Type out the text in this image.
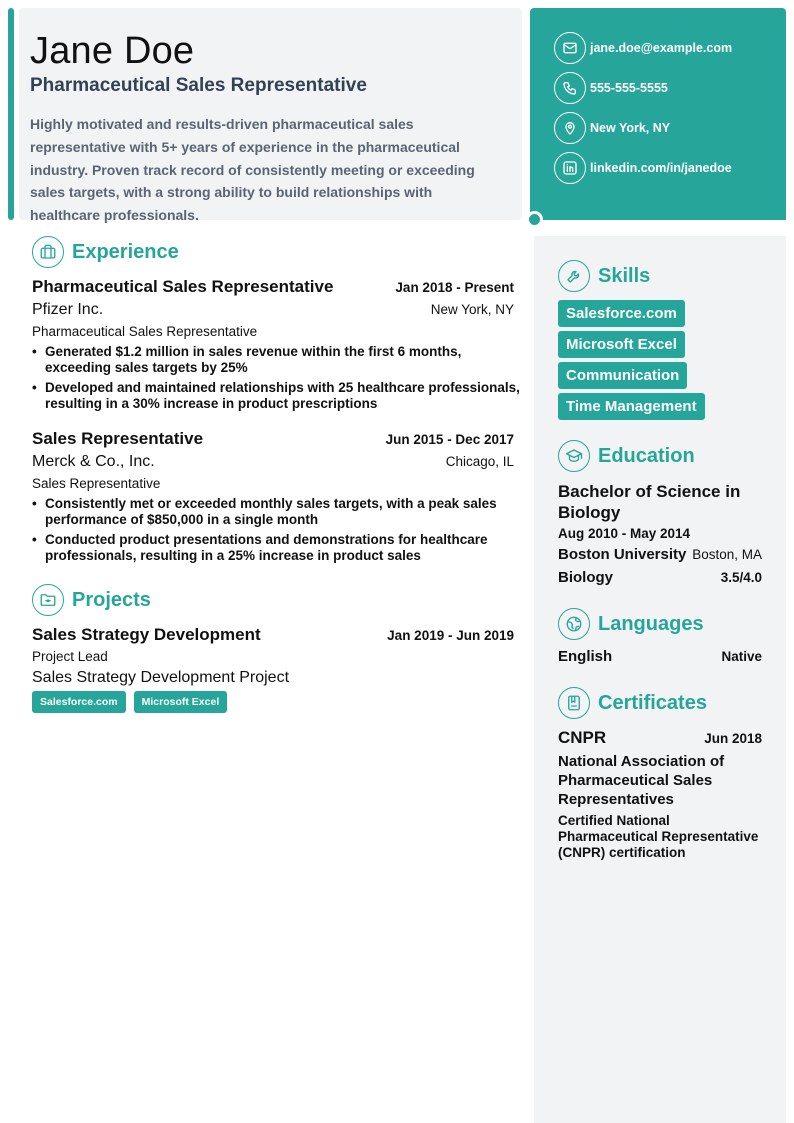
Jane Doe
Pharmaceutical Sales Representative
Highly motivated and results-driven pharmaceutical sales representative with 5+ years of experience in the pharmaceutical industry. Proven track record of consistently meeting or exceeding sales targets, with a strong ability to build relationships with healthcare professionals.
jane.doe@example.com
555-555-5555
New York, NY
linkedin.com/in/janedoe
Experience
Pharmaceutical Sales Representative	Jan 2018 - Present
Pfizer Inc.	New York, NY
Pharmaceutical Sales Representative
• Generated $1.2 million in sales revenue within the first 6 months, exceeding sales targets by 25%
• Developed and maintained relationships with 25 healthcare professionals, resulting in a 30% increase in product prescriptions
Sales Representative	Jun 2015 - Dec 2017
Merck & Co., Inc.	Chicago, IL
Sales Representative
• Consistently met or exceeded monthly sales targets, with a peak sales performance of $850,000 in a single month
• Conducted product presentations and demonstrations for healthcare professionals, resulting in a 25% increase in product sales
Projects
Sales Strategy Development	Jan 2019 - Jun 2019
Project Lead
Sales Strategy Development Project
Salesforce.com Microsoft Excel
Skills
Salesforce.com
Microsoft Excel
Communication
Time Management
Education
Bachelor of Science in Biology
Aug 2010 - May 2014
Boston University Boston, MA
Biology	3.5/4.0
Languages
English	Native
Certificates
CNPR	Jun 2018
National Association of Pharmaceutical Sales Representatives
Certified National Pharmaceutical Representative (CNPR) certification
